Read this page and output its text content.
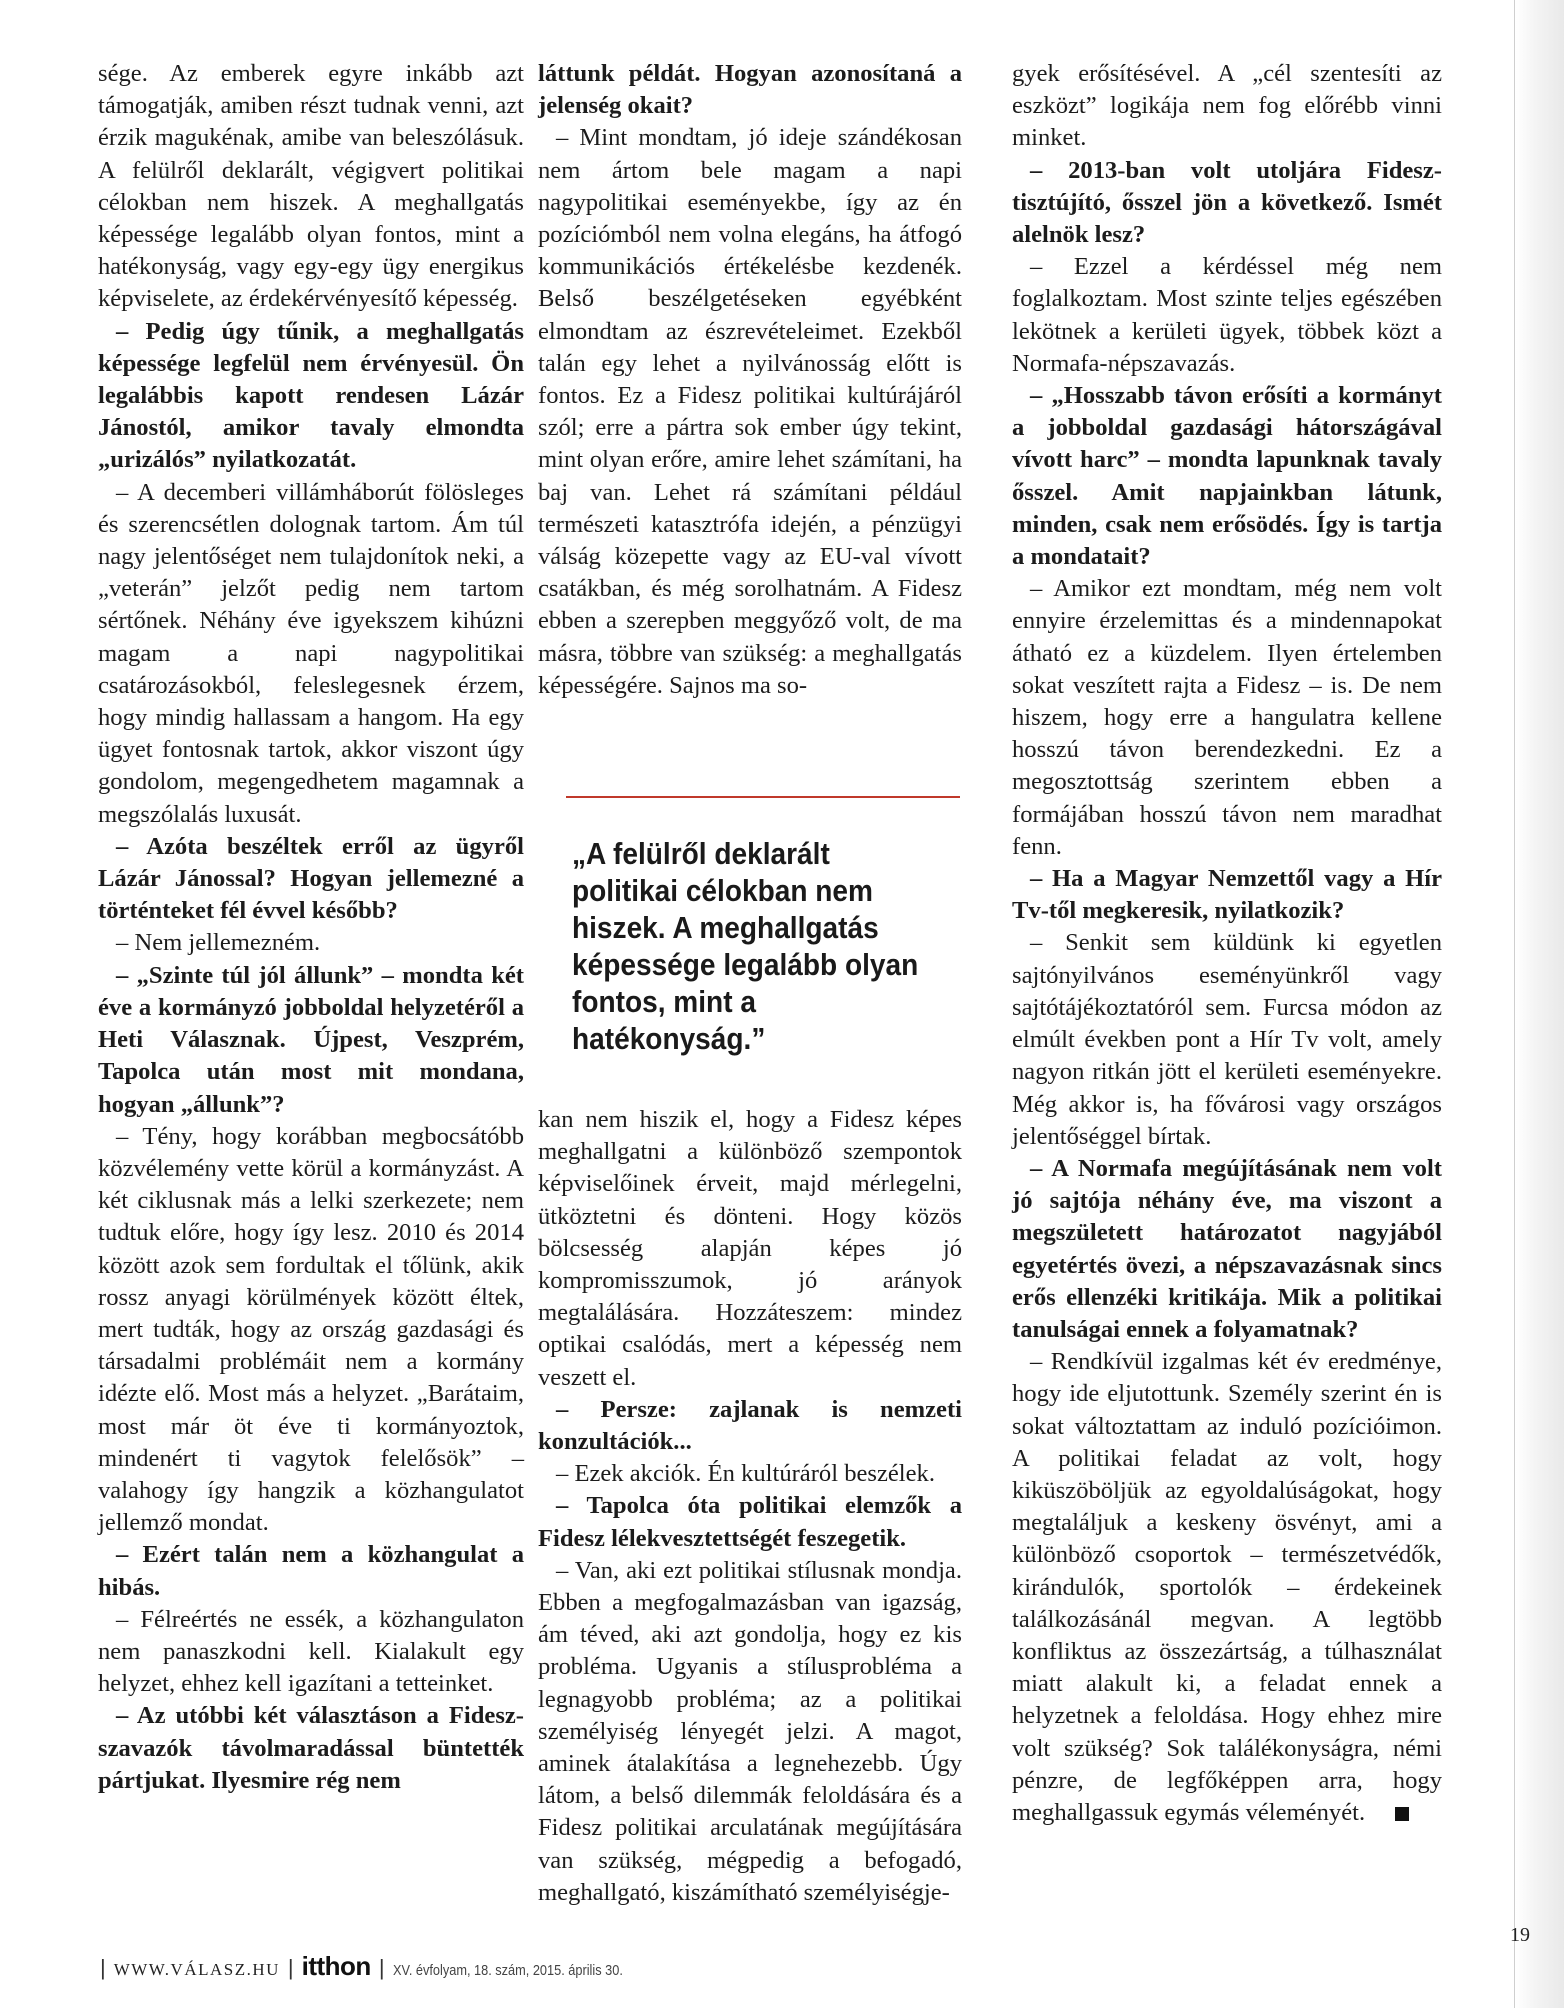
sége. Az emberek egyre inkább azt támogatják, amiben részt tudnak venni, azt érzik magukénak, amibe van beleszólásuk. A felülről deklarált, végigvert politikai célokban nem hiszek. A meghallgatás képessége legalább olyan fontos, mint a hatékonyság, vagy egy-egy ügy energikus képviselete, az érdekérvényesítő képesség.

– Pedig úgy tűnik, a meghallgatás képessége legfelül nem érvényesül. Ön legalábbis kapott rendesen Lázár Jánostól, amikor tavaly elmondta „urizálós” nyilatkozatát.

– A decemberi villámháborút fölösleges és szerencsétlen dolognak tartom. Ám túl nagy jelentőséget nem tulajdonítok neki, a „veterán” jelzőt pedig nem tartom sértőnek. Néhány éve igyekszem kihúzni magam a napi nagypolitikai csatározásokból, feleslegesnek érzem, hogy mindig hallassam a hangom. Ha egy ügyet fontosnak tartok, akkor viszont úgy gondolom, megengedhetem magamnak a megszólalás luxusát.

– Azóta beszéltek erről az ügyről Lázár Jánossal? Hogyan jellemezné a történteket fél évvel később?

– Nem jellemezném.

– „Szinte túl jól állunk” – mondta két éve a kormányzó jobboldal helyzetéről a Heti Válasznak. Újpest, Veszprém, Tapolca után most mit mondana, hogyan „állunk”?

– Tény, hogy korábban megbocsátóbb közvélemény vette körül a kormányzást. A két ciklusnak más a lelki szerkezete; nem tudtuk előre, hogy így lesz. 2010 és 2014 között azok sem fordultak el tőlünk, akik rossz anyagi körülmények között éltek, mert tudták, hogy az ország gazdasági és társadalmi problémáit nem a kormány idézte elő. Most más a helyzet. „Barátaim, most már öt éve ti kormányoztok, mindenért ti vagytok felelősök” – valahogy így hangzik a közhangulatot jellemző mondat.

– Ezért talán nem a közhangulat a hibás.

– Félreértés ne essék, a közhangulaton nem panaszkodni kell. Kialakult egy helyzet, ehhez kell igazítani a tetteinket.

– Az utóbbi két választáson a Fidesz-szavazók távolmaradással büntették pártjukat. Ilyesmire rég nem

láttunk példát. Hogyan azonosítaná a jelenség okait?

– Mint mondtam, jó ideje szándékosan nem ártom bele magam a napi nagypolitikai eseményekbe, így az én pozíciómból nem volna elegáns, ha átfogó kommunikációs értékelésbe kezdenék. Belső beszélgetéseken egyébként elmondtam az észrevételeimet. Ezekből talán egy lehet a nyilvánosság előtt is fontos. Ez a Fidesz politikai kultúrájáról szól; erre a pártra sok ember úgy tekint, mint olyan erőre, amire lehet számítani, ha baj van. Lehet rá számítani például természeti katasztrófa idején, a pénzügyi válság közepette vagy az EU-val vívott csatákban, és még sorolhatnám. A Fidesz ebben a szerepben meggyőző volt, de ma másra, többre van szükség: a meghallgatás képességére. Sajnos ma so-

„A felülről deklarált politikai célokban nem hiszek. A meghallgatás képessége legalább olyan fontos, mint a hatékonyság.”

kan nem hiszik el, hogy a Fidesz képes meghallgatni a különböző szempontok képviselőinek érveit, majd mérlegelni, ütköztetni és dönteni. Hogy közös bölcsesség alapján képes jó kompromisszumok, jó arányok megtalálására. Hozzáteszem: mindez optikai csalódás, mert a képesség nem veszett el.

– Persze: zajlanak is nemzeti konzultációk...

– Ezek akciók. Én kultúráról beszélek.

– Tapolca óta politikai elemzők a Fidesz lélekvesztettségét feszegetik.

– Van, aki ezt politikai stílusnak mondja. Ebben a megfogalmazásban van igazság, ám téved, aki azt gondolja, hogy ez kis probléma. Ugyanis a stílusprobléma a legnagyobb probléma; az a politikai személyiség lényegét jelzi. A magot, aminek átalakítása a legnehezebb. Úgy látom, a belső dilemmák feloldására és a Fidesz politikai arculatának megújítására van szükség, mégpedig a befogadó, meghallgató, kiszámítható személyiségje-

gyek erősítésével. A „cél szentesíti az eszközt” logikája nem fog előrébb vinni minket.

– 2013-ban volt utoljára Fidesz-tisztújító, ősszel jön a következő. Ismét alelnök lesz?

– Ezzel a kérdéssel még nem foglalkoztam. Most szinte teljes egészében lekötnek a kerületi ügyek, többek közt a Normafa-népszavazás.

– „Hosszabb távon erősíti a kormányt a jobboldal gazdasági hátországával vívott harc” – mondta lapunknak tavaly ősszel. Amit napjainkban látunk, minden, csak nem erősödés. Így is tartja a mondatait?

– Amikor ezt mondtam, még nem volt ennyire érzelemittas és a mindennapokat átható ez a küzdelem. Ilyen értelemben sokat veszített rajta a Fidesz – is. De nem hiszem, hogy erre a hangulatra kellene hosszú távon berendezkedni. Ez a megosztottság szerintem ebben a formájában hosszú távon nem maradhat fenn.

– Ha a Magyar Nemzettől vagy a Hír Tv-től megkeresik, nyilatkozik?

– Senkit sem küldünk ki egyetlen sajtónyilvános eseményünkről vagy sajtótájékoztatóról sem. Furcsa módon az elmúlt években pont a Hír Tv volt, amely nagyon ritkán jött el kerületi eseményekre. Még akkor is, ha fővárosi vagy országos jelentőséggel bírtak.

– A Normafa megújításának nem volt jó sajtója néhány éve, ma viszont a megszületett határozatot nagyjából egyetértés övezi, a népszavazásnak sincs erős ellenzéki kritikája. Mik a politikai tanulságai ennek a folyamatnak?

– Rendkívül izgalmas két év eredménye, hogy ide eljutottunk. Személy szerint én is sokat változtattam az induló pozícióimon. A politikai feladat az volt, hogy kiküszöböljük az egyoldalúságokat, hogy megtaláljuk a keskeny ösvényt, ami a különböző csoportok – természetvédők, kirándulók, sportolók – érdekeinek találkozásánál megvan. A legtöbb konfliktus az összezártság, a túlhasználat miatt alakult ki, a feladat ennek a helyzetnek a feloldása. Hogy ehhez mire volt szükség? Sok találékonyságra, némi pénzre, de legfőképpen arra, hogy meghallgassuk egymás véleményét.

| WWW.VÁLASZ.HU | itthon | XV. évfolyam, 18. szám, 2015. április 30.
19
